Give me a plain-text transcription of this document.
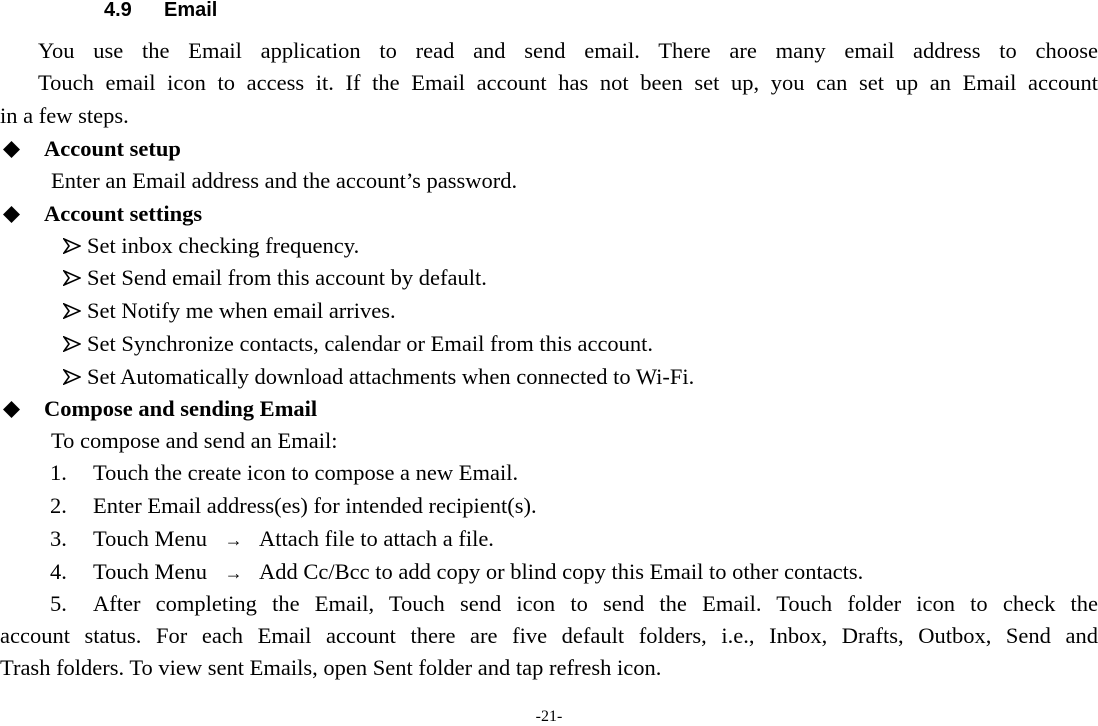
4.9 Email
You use the Email application to read and send email. There are many email address to choose
Touch email icon to access it. If the Email account has not been set up, you can set up an Email account
in a few steps.
Account setup
Enter an Email address and the account’s password.
Account settings
Set inbox checking frequency.
Set Send email from this account by default.
Set Notify me when email arrives.
Set Synchronize contacts, calendar or Email from this account.
Set Automatically download attachments when connected to Wi-Fi.
Compose and sending Email
To compose and send an Email:
1. Touch the create icon to compose a new Email.
2. Enter Email address(es) for intended recipient(s).
3. Touch Menu → Attach file to attach a file.
4. Touch Menu → Add Cc/Bcc to add copy or blind copy this Email to other contacts.
5. After completing the Email, Touch send icon to send the Email. Touch folder icon to check the
account status. For each Email account there are five default folders, i.e., Inbox, Drafts, Outbox, Send and
Trash folders. To view sent Emails, open Sent folder and tap refresh icon.
-21-
